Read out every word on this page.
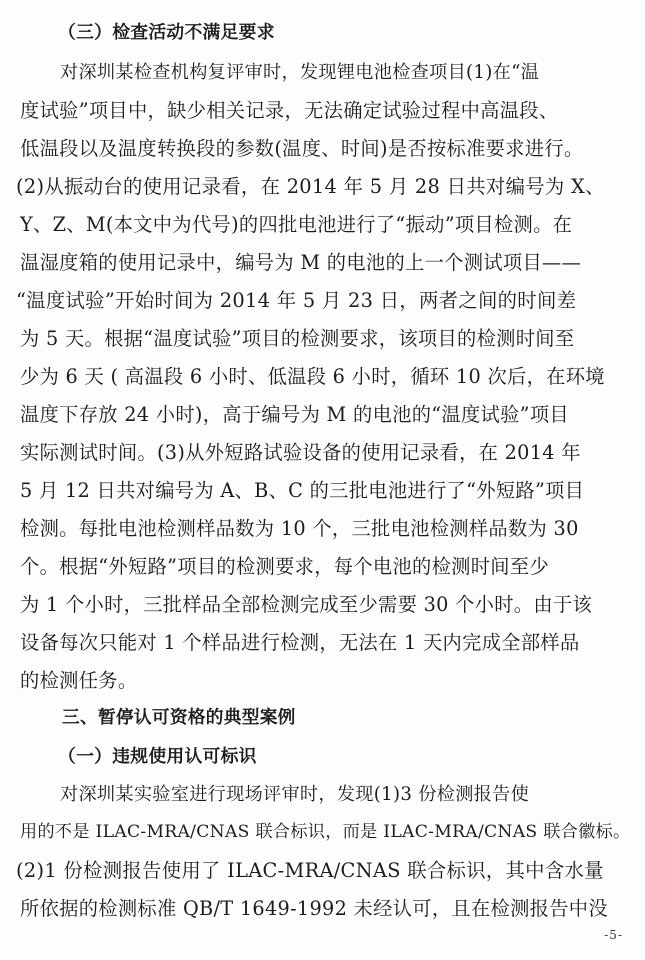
（三）检查活动不满足要求
对深圳某检查机构复评审时，发现锂电池检查项目(1)在“温
度试验”项目中，缺少相关记录，无法确定试验过程中高温段、
低温段以及温度转换段的参数(温度、时间)是否按标准要求进行。
(2)从振动台的使用记录看，在 2014 年 5 月 28 日共对编号为 X、
Y、Z、M(本文中为代号)的四批电池进行了“振动”项目检测。在
温湿度箱的使用记录中，编号为 M 的电池的上一个测试项目——
“温度试验”开始时间为 2014 年 5 月 23 日，两者之间的时间差
为 5 天。根据“温度试验”项目的检测要求，该项目的检测时间至
少为 6 天 ( 高温段 6 小时、低温段 6 小时，循环 10 次后，在环境
温度下存放 24 小时)，高于编号为 M 的电池的“温度试验”项目
实际测试时间。(3)从外短路试验设备的使用记录看，在 2014 年
5 月 12 日共对编号为 A、B、C 的三批电池进行了“外短路”项目
检测。每批电池检测样品数为 10 个，三批电池检测样品数为 30
个。根据“外短路”项目的检测要求，每个电池的检测时间至少
为 1 个小时，三批样品全部检测完成至少需要 30 个小时。由于该
设备每次只能对 1 个样品进行检测，无法在 1 天内完成全部样品
的检测任务。
三、暂停认可资格的典型案例
（一）违规使用认可标识
对深圳某实验室进行现场评审时，发现(1)3 份检测报告使
用的不是 ILAC-MRA/CNAS 联合标识，而是 ILAC-MRA/CNAS 联合徽标。
(2)1 份检测报告使用了 ILAC-MRA/CNAS 联合标识，其中含水量
所依据的检测标准 QB/T 1649-1992 未经认可，且在检测报告中没
-5-
